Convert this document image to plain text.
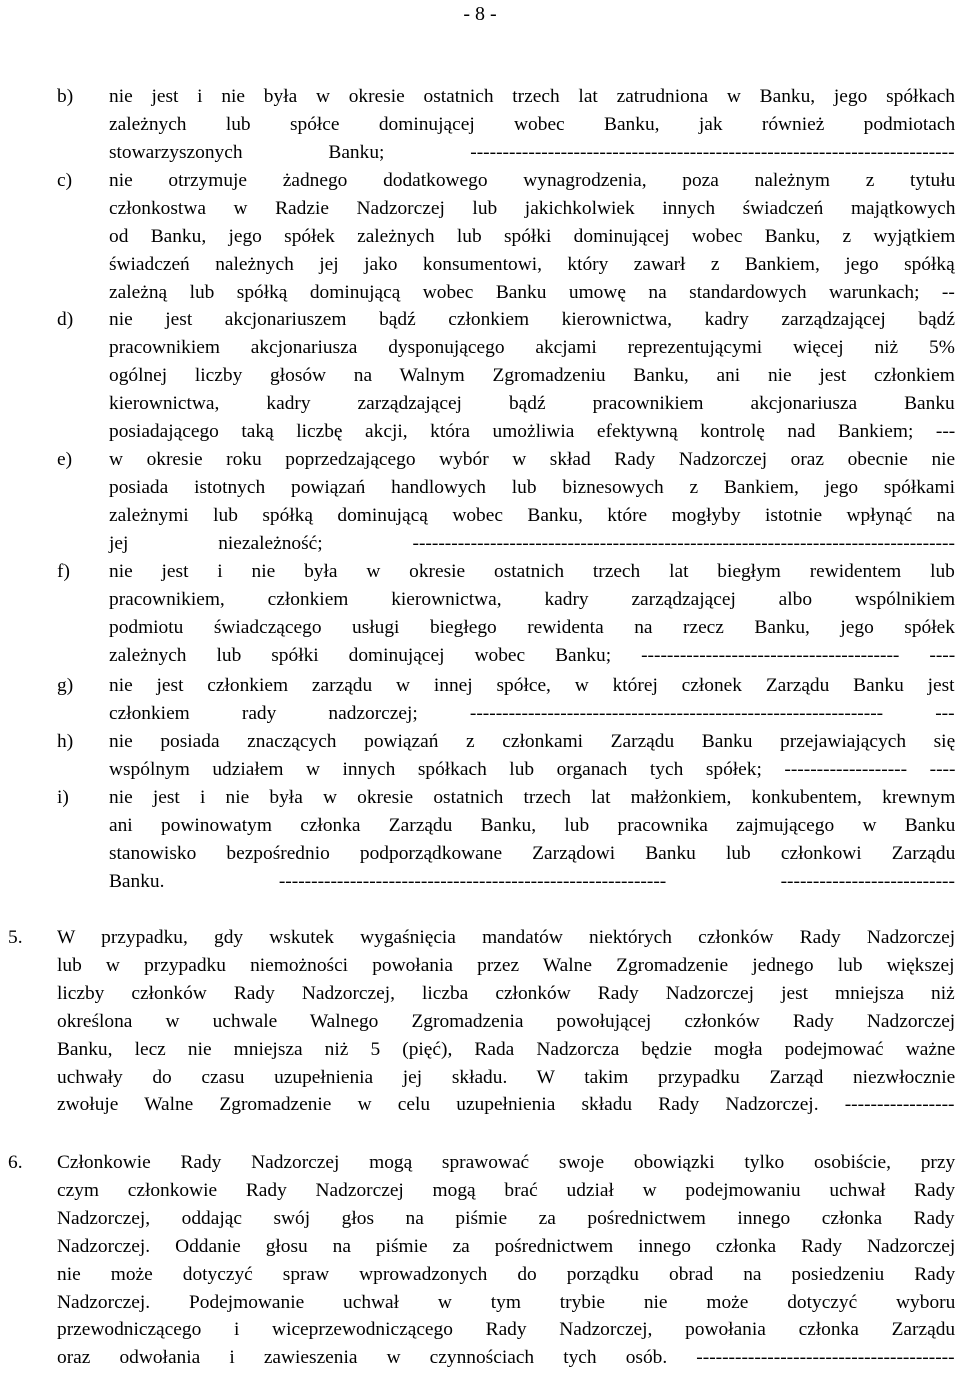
- 8 -
b) nie jest i nie była w okresie ostatnich trzech lat zatrudniona w Banku, jego spółkach
zależnych lub spółce dominującej wobec Banku, jak również podmiotach
stowarzyszonych Banku; ---------------------------------------------------------------------------
c) nie otrzymuje żadnego dodatkowego wynagrodzenia, poza należnym z tytułu
członkostwa w Radzie Nadzorczej lub jakichkolwiek innych świadczeń majątkowych
od Banku, jego spółek zależnych lub spółki dominującej wobec Banku, z wyjątkiem
świadczeń należnych jej jako konsumentowi, który zawarł z Bankiem, jego spółką
zależną lub spółką dominującą wobec Banku umowę na standardowych warunkach; --
d) nie jest akcjonariuszem bądź członkiem kierownictwa, kadry zarządzającej bądź
pracownikiem akcjonariusza dysponującego akcjami reprezentującymi więcej niż 5%
ogólnej liczby głosów na Walnym Zgromadzeniu Banku, ani nie jest członkiem
kierownictwa, kadry zarządzającej bądź pracownikiem akcjonariusza Banku
posiadającego taką liczbę akcji, która umożliwia efektywną kontrolę nad Bankiem; ---
e) w okresie roku poprzedzającego wybór w skład Rady Nadzorczej oraz obecnie nie
posiada istotnych powiązań handlowych lub biznesowych z Bankiem, jego spółkami
zależnymi lub spółką dominującą wobec Banku, które mogłyby istotnie wpłynąć na
jej niezależność; ------------------------------------------------------------------------------------
f) nie jest i nie była w okresie ostatnich trzech lat biegłym rewidentem lub
pracownikiem, członkiem kierownictwa, kadry zarządzającej albo wspólnikiem
podmiotu świadczącego usługi biegłego rewidenta na rzecz Banku, jego spółek
zależnych lub spółki dominującej wobec Banku; ---------------------------------------- ----
g) nie jest członkiem zarządu w innej spółce, w której członek Zarządu Banku jest
członkiem rady nadzorczej; ---------------------------------------------------------------- ---
h) nie posiada znaczących powiązań z członkami Zarządu Banku przejawiających się
wspólnym udziałem w innych spółkach lub organach tych spółek; ------------------- ----
i) nie jest i nie była w okresie ostatnich trzech lat małżonkiem, konkubentem, krewnym
ani powinowatym członka Zarządu Banku, lub pracownika zajmującego w Banku
stanowisko bezpośrednio podporządkowane Zarządowi Banku lub członkowi Zarządu
Banku. ------------------------------------------------------------ ---------------------------
5. W przypadku, gdy wskutek wygaśnięcia mandatów niektórych członków Rady Nadzorczej
lub w przypadku niemożności powołania przez Walne Zgromadzenie jednego lub większej
liczby członków Rady Nadzorczej, liczba członków Rady Nadzorczej jest mniejsza niż
określona w uchwale Walnego Zgromadzenia powołującej członków Rady Nadzorczej
Banku, lecz nie mniejsza niż 5 (pięć), Rada Nadzorcza będzie mogła podejmować ważne
uchwały do czasu uzupełnienia jej składu. W takim przypadku Zarząd niezwłocznie
zwołuje Walne Zgromadzenie w celu uzupełnienia składu Rady Nadzorczej. -----------------
6. Członkowie Rady Nadzorczej mogą sprawować swoje obowiązki tylko osobiście, przy
czym członkowie Rady Nadzorczej mogą brać udział w podejmowaniu uchwał Rady
Nadzorczej, oddając swój głos na piśmie za pośrednictwem innego członka Rady
Nadzorczej. Oddanie głosu na piśmie za pośrednictwem innego członka Rady Nadzorczej
nie może dotyczyć spraw wprowadzonych do porządku obrad na posiedzeniu Rady
Nadzorczej. Podejmowanie uchwał w tym trybie nie może dotyczyć wyboru
przewodniczącego i wiceprzewodniczącego Rady Nadzorczej, powołania członka Zarządu
oraz odwołania i zawieszenia w czynnościach tych osób. ----------------------------------------
